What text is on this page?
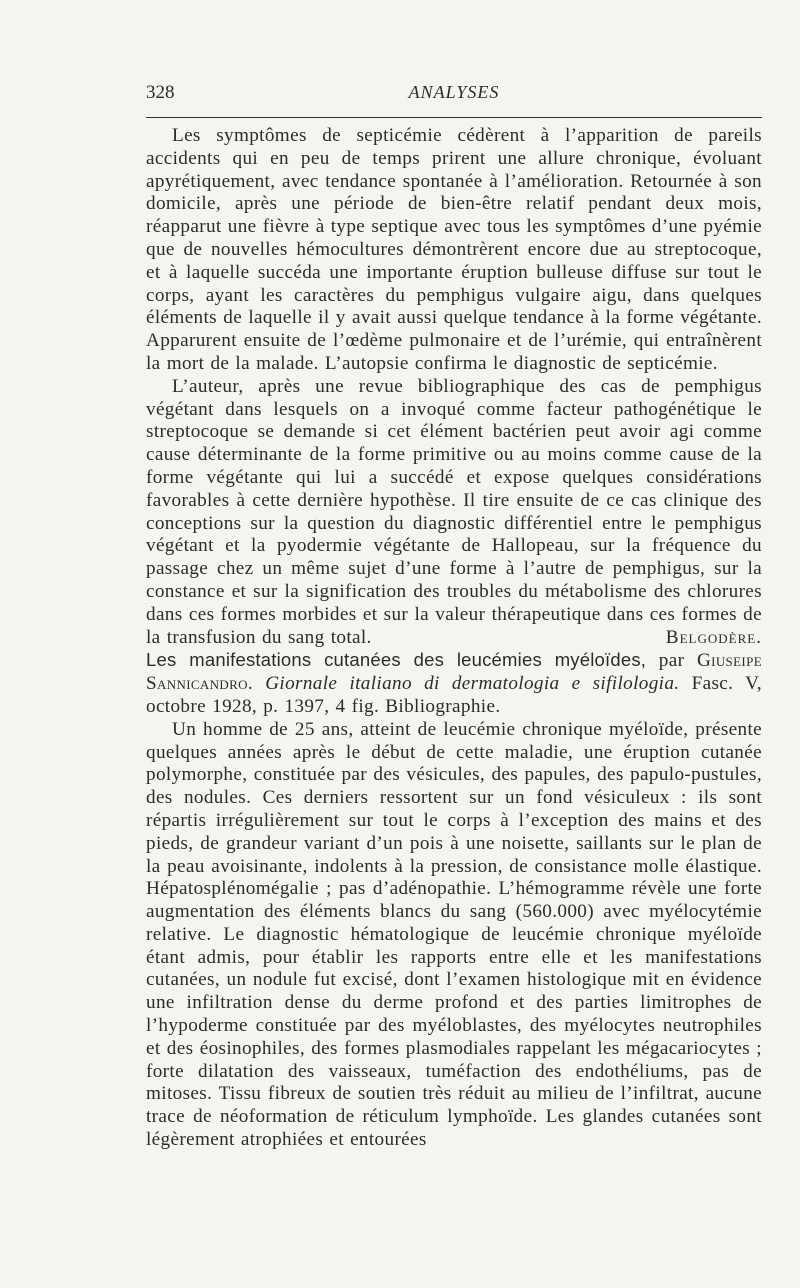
328	ANALYSES

Les symptômes de septicémie cédèrent à l’apparition de pareils accidents qui en peu de temps prirent une allure chronique, évoluant apyrétiquement, avec tendance spontanée à l’amélioration. Retournée à son domicile, après une période de bien-être relatif pendant deux mois, réapparut une fièvre à type septique avec tous les symptômes d’une pyémie que de nouvelles hémocultures démontrèrent encore due au streptocoque, et à laquelle succéda une importante éruption bulleuse diffuse sur tout le corps, ayant les caractères du pemphigus vulgaire aigu, dans quelques éléments de laquelle il y avait aussi quelque tendance à la forme végétante. Apparurent ensuite de l’œdème pulmonaire et de l’urémie, qui entraînèrent la mort de la malade. L’autopsie confirma le diagnostic de septicémie.

L’auteur, après une revue bibliographique des cas de pemphigus végétant dans lesquels on a invoqué comme facteur pathogénétique le streptocoque se demande si cet élément bactérien peut avoir agi comme cause déterminante de la forme primitive ou au moins comme cause de la forme végétante qui lui a succédé et expose quelques considérations favorables à cette dernière hypothèse. Il tire ensuite de ce cas clinique des conceptions sur la question du diagnostic différentiel entre le pemphigus végétant et la pyodermie végétante de Hallopeau, sur la fréquence du passage chez un même sujet d’une forme à l’autre de pemphigus, sur la constance et sur la signification des troubles du métabolisme des chlorures dans ces formes morbides et sur la valeur thérapeutique dans ces formes de la transfusion du sang total.	Belgodère.

Les manifestations cutanées des leucémies myéloïdes, par Giuseipe Sannicandro. Giornale italiano di dermatologia e sifilologia. Fasc. V, octobre 1928, p. 1397, 4 fig. Bibliographie.

Un homme de 25 ans, atteint de leucémie chronique myéloïde, présente quelques années après le début de cette maladie, une éruption cutanée polymorphe, constituée par des vésicules, des papules, des papulo-pustules, des nodules. Ces derniers ressortent sur un fond vésiculeux : ils sont répartis irrégulièrement sur tout le corps à l’exception des mains et des pieds, de grandeur variant d’un pois à une noisette, saillants sur le plan de la peau avoisinante, indolents à la pression, de consistance molle élastique. Hépatosplénomégalie ; pas d’adénopathie. L’hémogramme révèle une forte augmentation des éléments blancs du sang (560.000) avec myélocytémie relative. Le diagnostic hématologique de leucémie chronique myéloïde étant admis, pour établir les rapports entre elle et les manifestations cutanées, un nodule fut excisé, dont l’examen histologique mit en évidence une infiltration dense du derme profond et des parties limitrophes de l’hypoderme constituée par des myéloblastes, des myélocytes neutrophiles et des éosinophiles, des formes plasmodiales rappelant les mégacariocytes ; forte dilatation des vaisseaux, tuméfaction des endothéliums, pas de mitoses. Tissu fibreux de soutien très réduit au milieu de l’infiltrat, aucune trace de néoformation de réticulum lymphoïde. Les glandes cutanées sont légèrement atrophiées et entourées
